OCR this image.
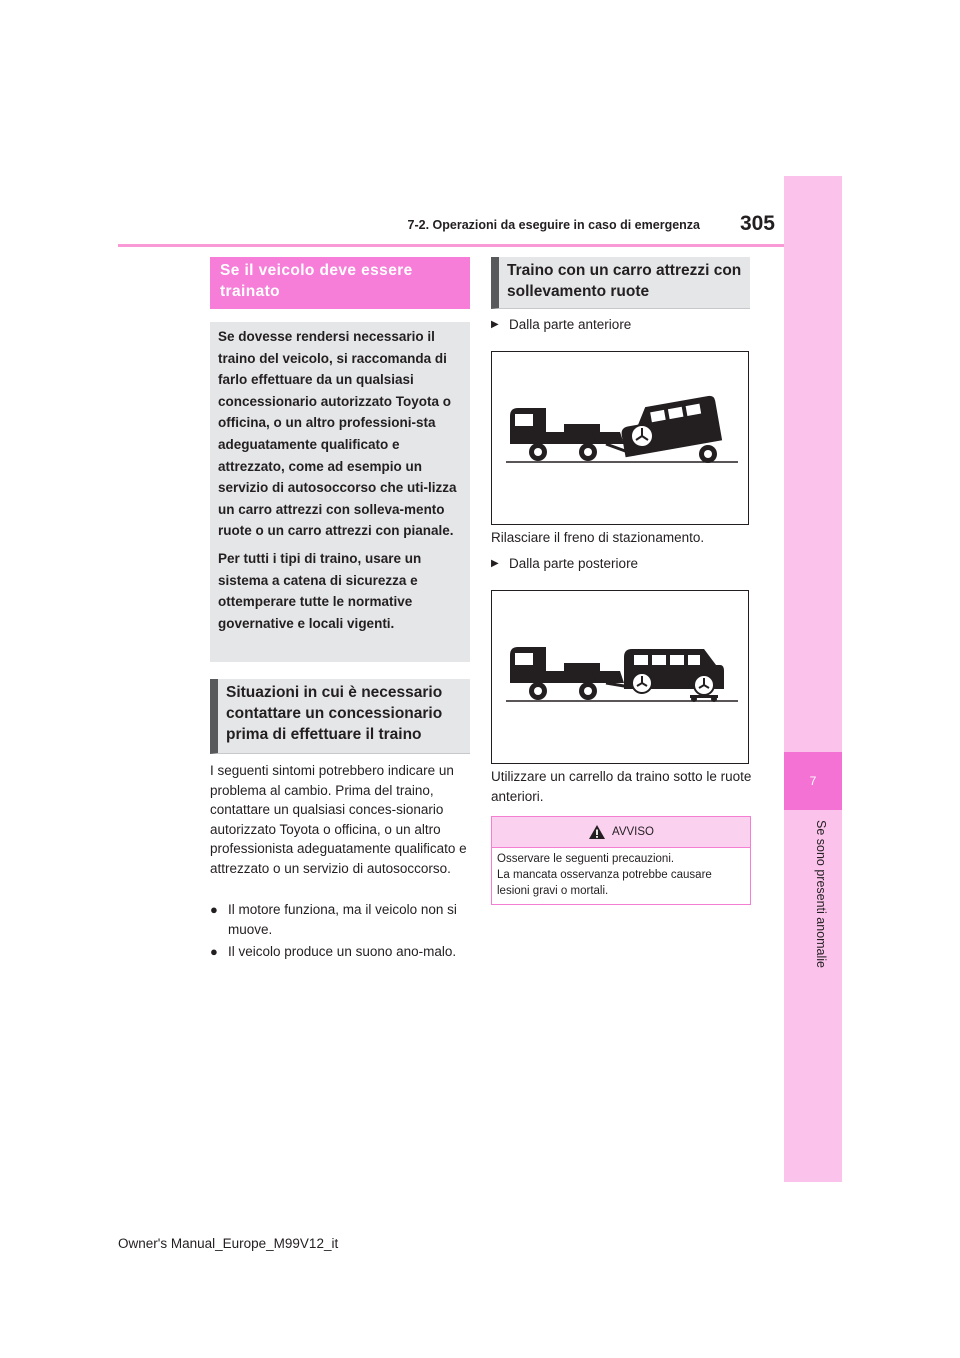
7-2. Operazioni da eseguire in caso di emergenza	305
7
Se sono presenti anomalie
Se il veicolo deve essere trainato

Se dovesse rendersi necessario il traino del veicolo, si raccomanda di farlo effettuare da un qualsiasi concessionario autorizzato Toyota o officina, o un altro professioni-sta adeguatamente qualificato e attrezzato, come ad esempio un servizio di autosoccorso che uti-lizza un carro attrezzi con solleva-mento ruote o un carro attrezzi con pianale.

Per tutti i tipi di traino, usare un sistema a catena di sicurezza e ottemperare tutte le normative governative e locali vigenti.

Situazioni in cui è necessario contattare un concessionario prima di effettuare il traino
I seguenti sintomi potrebbero indicare un problema al cambio. Prima del traino, contattare un qualsiasi conces-sionario autorizzato Toyota o officina, o un altro professionista adeguatamente qualificato e attrezzato o un servizio di autosoccorso.
● Il motore funziona, ma il veicolo non si muove.
● Il veicolo produce un suono ano-malo.
Traino con un carro attrezzi con sollevamento ruote
▶ Dalla parte anteriore
Rilasciare il freno di stazionamento.
▶ Dalla parte posteriore
Utilizzare un carrello da traino sotto le ruote anteriori.
AVVISO
Osservare le seguenti precauzioni.
La mancata osservanza potrebbe causare lesioni gravi o mortali.
Owner's Manual_Europe_M99V12_it
